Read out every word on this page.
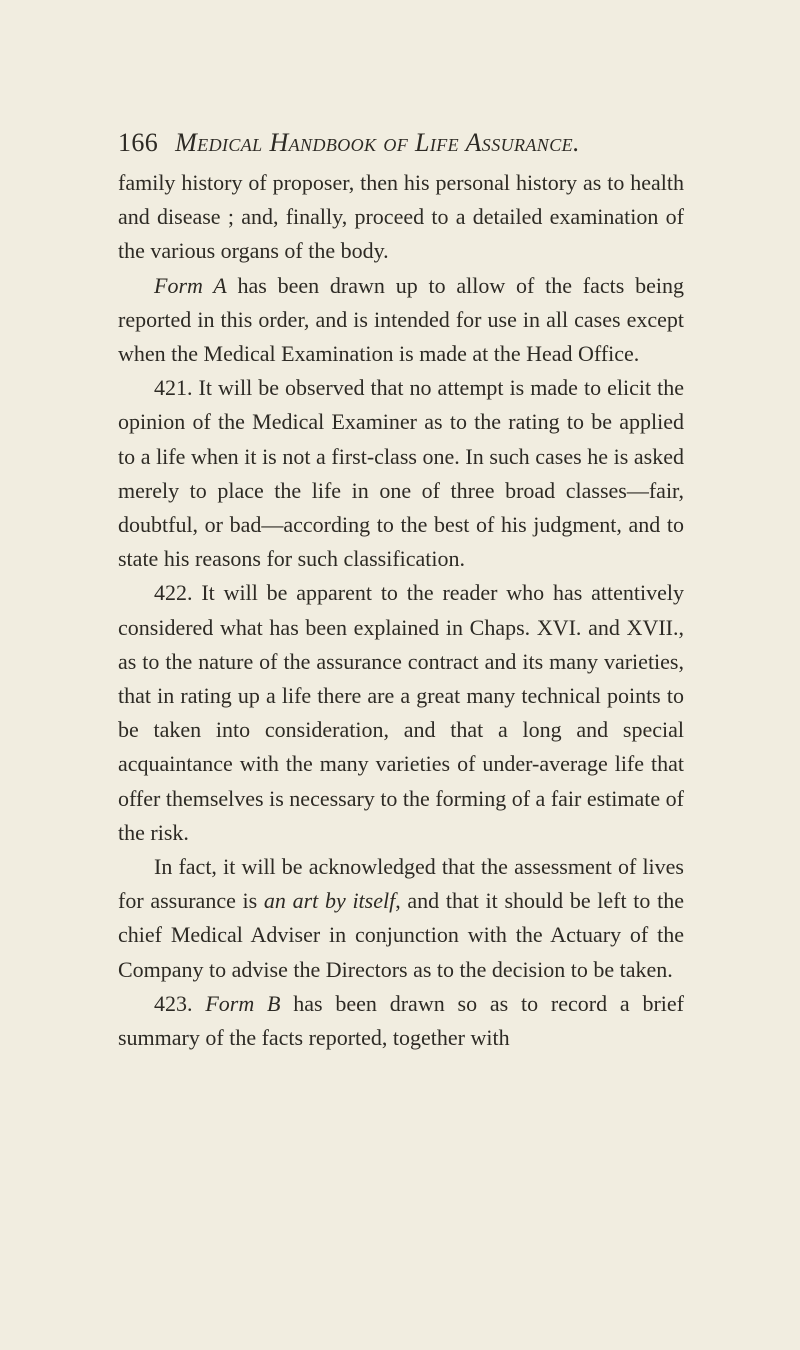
166 Medical Handbook of Life Assurance.

family history of proposer, then his personal history as to health and disease ; and, finally, proceed to a detailed examination of the various organs of the body.

Form A has been drawn up to allow of the facts being reported in this order, and is intended for use in all cases except when the Medical Examination is made at the Head Office.

421. It will be observed that no attempt is made to elicit the opinion of the Medical Examiner as to the rating to be applied to a life when it is not a first-class one. In such cases he is asked merely to place the life in one of three broad classes—fair, doubtful, or bad—according to the best of his judgment, and to state his reasons for such classification.

422. It will be apparent to the reader who has attentively considered what has been explained in Chaps. XVI. and XVII., as to the nature of the assurance contract and its many varieties, that in rating up a life there are a great many technical points to be taken into consideration, and that a long and special acquaintance with the many varieties of under-average life that offer themselves is necessary to the forming of a fair estimate of the risk.

In fact, it will be acknowledged that the assessment of lives for assurance is an art by itself, and that it should be left to the chief Medical Adviser in conjunction with the Actuary of the Company to advise the Directors as to the decision to be taken.

423. Form B has been drawn so as to record a brief summary of the facts reported, together with
